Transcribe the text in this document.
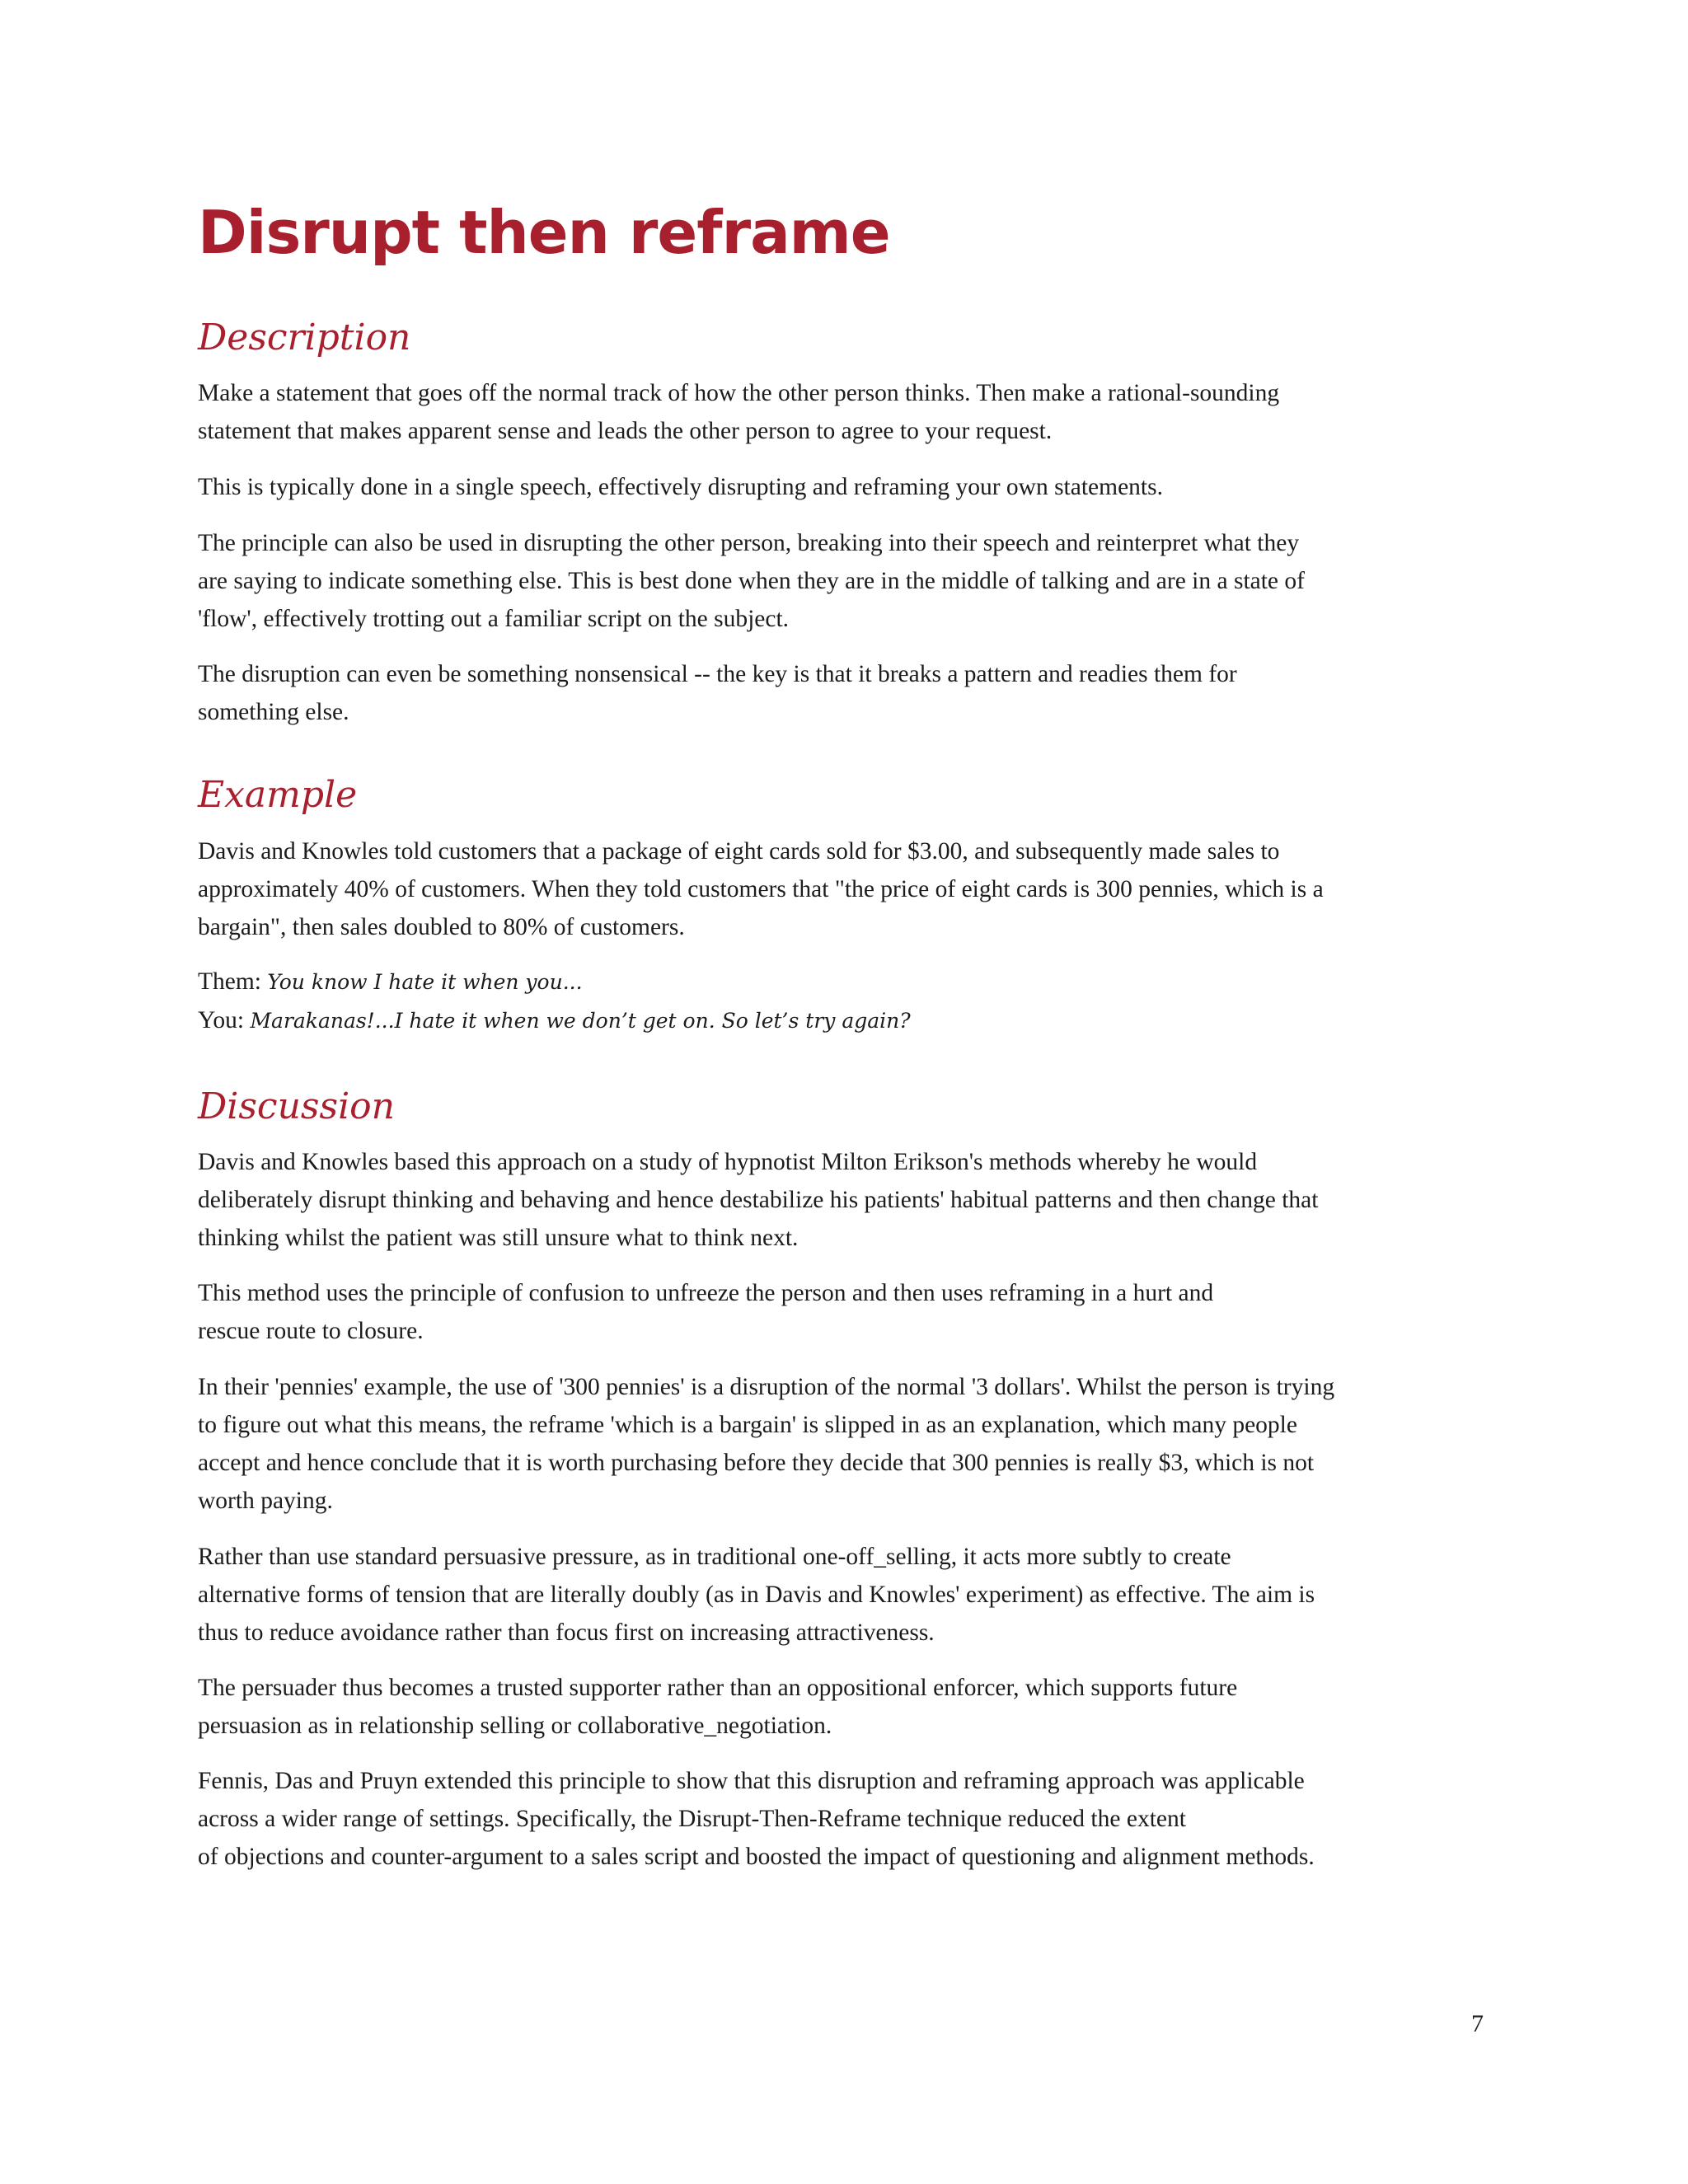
Disrupt then reframe
Description

Make a statement that goes off the normal track of how the other person thinks. Then make a rational-sounding
statement that makes apparent sense and leads the other person to agree to your request.

This is typically done in a single speech, effectively disrupting and reframing your own statements.

The principle can also be used in disrupting the other person, breaking into their speech and reinterpret what they
are saying to indicate something else. This is best done when they are in the middle of talking and are in a state of
'flow', effectively trotting out a familiar script on the subject.

The disruption can even be something nonsensical -- the key is that it breaks a pattern and readies them for
something else.

Example

Davis and Knowles told customers that a package of eight cards sold for $3.00, and subsequently made sales to
approximately 40% of customers. When they told customers that "the price of eight cards is 300 pennies, which is a
bargain", then sales doubled to 80% of customers.

Them: You know I hate it when you...
You: Marakanas!...I hate it when we don’t get on. So let’s try again?

Discussion

Davis and Knowles based this approach on a study of hypnotist Milton Erikson's methods whereby he would
deliberately disrupt thinking and behaving and hence destabilize his patients' habitual patterns and then change that
thinking whilst the patient was still unsure what to think next.

This method uses the principle of confusion to unfreeze the person and then uses reframing in a hurt and
rescue route to closure.

In their 'pennies' example, the use of '300 pennies' is a disruption of the normal '3 dollars'. Whilst the person is trying
to figure out what this means, the reframe 'which is a bargain' is slipped in as an explanation, which many people
accept and hence conclude that it is worth purchasing before they decide that 300 pennies is really $3, which is not
worth paying.

Rather than use standard persuasive pressure, as in traditional one-off_selling, it acts more subtly to create
alternative forms of tension that are literally doubly (as in Davis and Knowles' experiment) as effective. The aim is
thus to reduce avoidance rather than focus first on increasing attractiveness.

The persuader thus becomes a trusted supporter rather than an oppositional enforcer, which supports future
persuasion as in relationship selling or collaborative_negotiation.

Fennis, Das and Pruyn extended this principle to show that this disruption and reframing approach was applicable
across a wider range of settings. Specifically, the Disrupt-Then-Reframe technique reduced the extent
of objections and counter-argument to a sales script and boosted the impact of questioning and alignment methods.

7
